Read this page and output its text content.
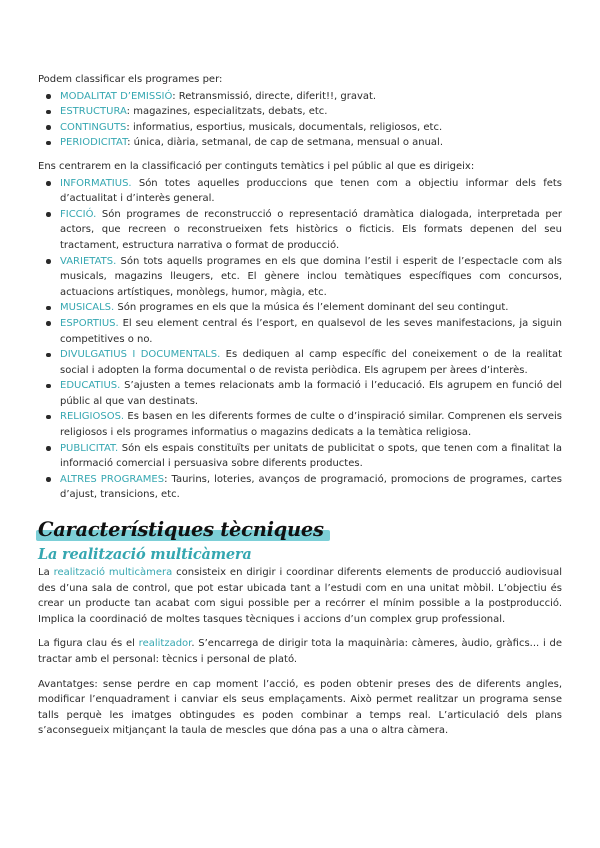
Podem classificar els programes per:

MODALITAT D’EMISSIÓ: Retransmissió, directe, diferit!!, gravat.
ESTRUCTURA: magazines, especialitzats, debats, etc.
CONTINGUTS: informatius, esportius, musicals, documentals, religiosos, etc.
PERIODICITAT: única, diària, setmanal, de cap de setmana, mensual o anual.

Ens centrarem en la classificació per continguts temàtics i pel públic al que es dirigeix:

INFORMATIUS. Són totes aquelles produccions que tenen com a objectiu informar dels fets d’actualitat i d’interès general.
FICCIÓ. Són programes de reconstrucció o representació dramàtica dialogada, interpretada per actors, que recreen o reconstrueixen fets històrics o ficticis. Els formats depenen del seu tractament, estructura narrativa o format de producció.
VARIETATS. Són tots aquells programes en els que domina l’estil i esperit de l’espectacle com als musicals, magazins lleugers, etc. El gènere inclou temàtiques específiques com concursos, actuacions artístiques, monòlegs, humor, màgia, etc.
MUSICALS. Són programes en els que la música és l’element dominant del seu contingut.
ESPORTIUS. El seu element central és l’esport, en qualsevol de les seves manifestacions, ja siguin competitives o no.
DIVULGATIUS I DOCUMENTALS. Es dediquen al camp específic del coneixement o de la realitat social i adopten la forma documental o de revista periòdica. Els agrupem per àrees d’interès.
EDUCATIUS. S’ajusten a temes relacionats amb la formació i l’educació. Els agrupem en funció del públic al que van destinats.
RELIGIOSOS. Es basen en les diferents formes de culte o d’inspiració similar. Comprenen els serveis religiosos i els programes informatius o magazins dedicats a la temàtica religiosa.
PUBLICITAT. Són els espais constituïts per unitats de publicitat o spots, que tenen com a finalitat la informació comercial i persuasiva sobre diferents productes.
ALTRES PROGRAMES: Taurins, loteries, avanços de programació, promocions de programes, cartes d’ajust, transicions, etc.
Característiques tècniques
La realització multicàmera

La realització multicàmera consisteix en dirigir i coordinar diferents elements de producció audiovisual des d’una sala de control, que pot estar ubicada tant a l’estudi com en una unitat mòbil. L’objectiu és crear un producte tan acabat com sigui possible per a recórrer el mínim possible a la postproducció. Implica la coordinació de moltes tasques tècniques i accions d’un complex grup professional.

La figura clau és el realitzador. S’encarrega de dirigir tota la maquinària: càmeres, àudio, gràfics... i de tractar amb el personal: tècnics i personal de plató.

Avantatges: sense perdre en cap moment l’acció, es poden obtenir preses des de diferents angles, modificar l’enquadrament i canviar els seus emplaçaments. Això permet realitzar un programa sense talls perquè les imatges obtingudes es poden combinar a temps real. L’articulació dels plans s’aconsegueix mitjançant la taula de mescles que dóna pas a una o altra càmera.
